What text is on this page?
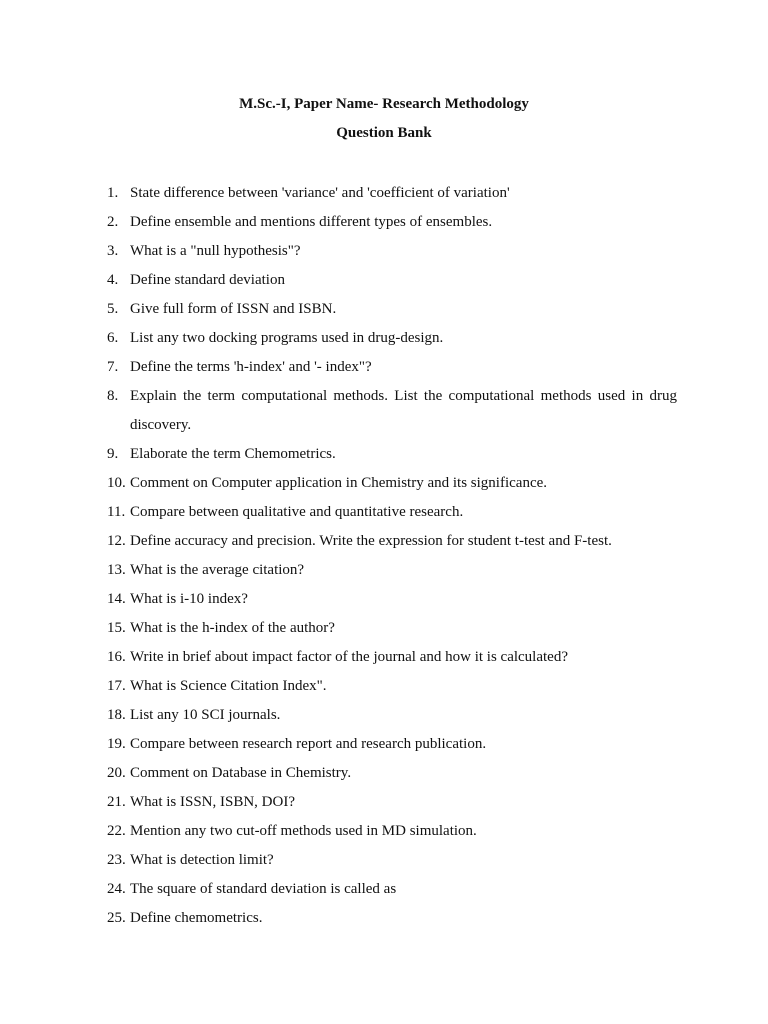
M.Sc.-I, Paper Name- Research Methodology
Question Bank
1. State difference between 'variance' and 'coefficient of variation'
2. Define ensemble and mentions different types of ensembles.
3. What is a "null hypothesis"?
4. Define standard deviation
5. Give full form of ISSN and ISBN.
6. List any two docking programs used in drug-design.
7. Define the terms 'h-index' and '- index"?
8. Explain the term computational methods. List the computational methods used in drug discovery.
9. Elaborate the term Chemometrics.
10. Comment on Computer application in Chemistry and its significance.
11. Compare between qualitative and quantitative research.
12. Define accuracy and precision. Write the expression for student t-test and F-test.
13. What is the average citation?
14. What is i-10 index?
15. What is the h-index of the author?
16. Write in brief about impact factor of the journal and how it is calculated?
17. What is Science Citation Index".
18. List any 10 SCI journals.
19. Compare between research report and research publication.
20. Comment on Database in Chemistry.
21. What is ISSN, ISBN, DOI?
22. Mention any two cut-off methods used in MD simulation.
23. What is detection limit?
24. The square of standard deviation is called as
25. Define chemometrics.
